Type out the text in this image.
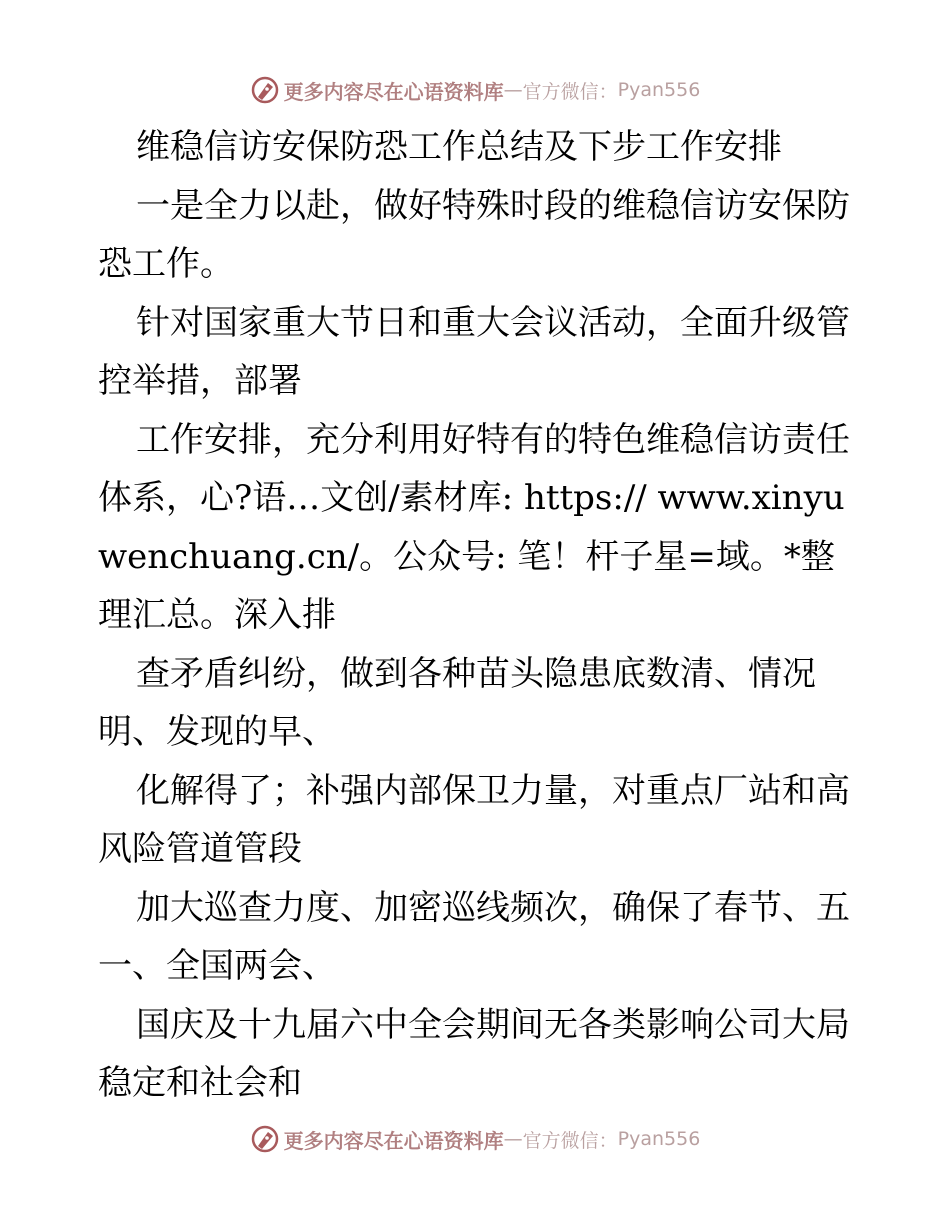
更多内容尽在心语资料库 — 官方微信： Pyan556

维稳信访安保防恐工作总结及下步工作安排

一是全力以赴，做好特殊时段的维稳信访安保防恐工作。

针对国家重大节日和重大会议活动，全面升级管控举措，部署

工作安排，充分利用好特有的特色维稳信访责任体系，心?语…文创/素材库: https:// www.xinyuwenchuang.cn/。公众号: 笔！杆子星=域。*整理汇总。深入排

查矛盾纠纷，做到各种苗头隐患底数清、情况明、发现的早、

化解得了；补强内部保卫力量，对重点厂站和高风险管道管段

加大巡查力度、加密巡线频次，确保了春节、五一、全国两会、

国庆及十九届六中全会期间无各类影响公司大局稳定和社会和

更多内容尽在心语资料库 — 官方微信： Pyan556
